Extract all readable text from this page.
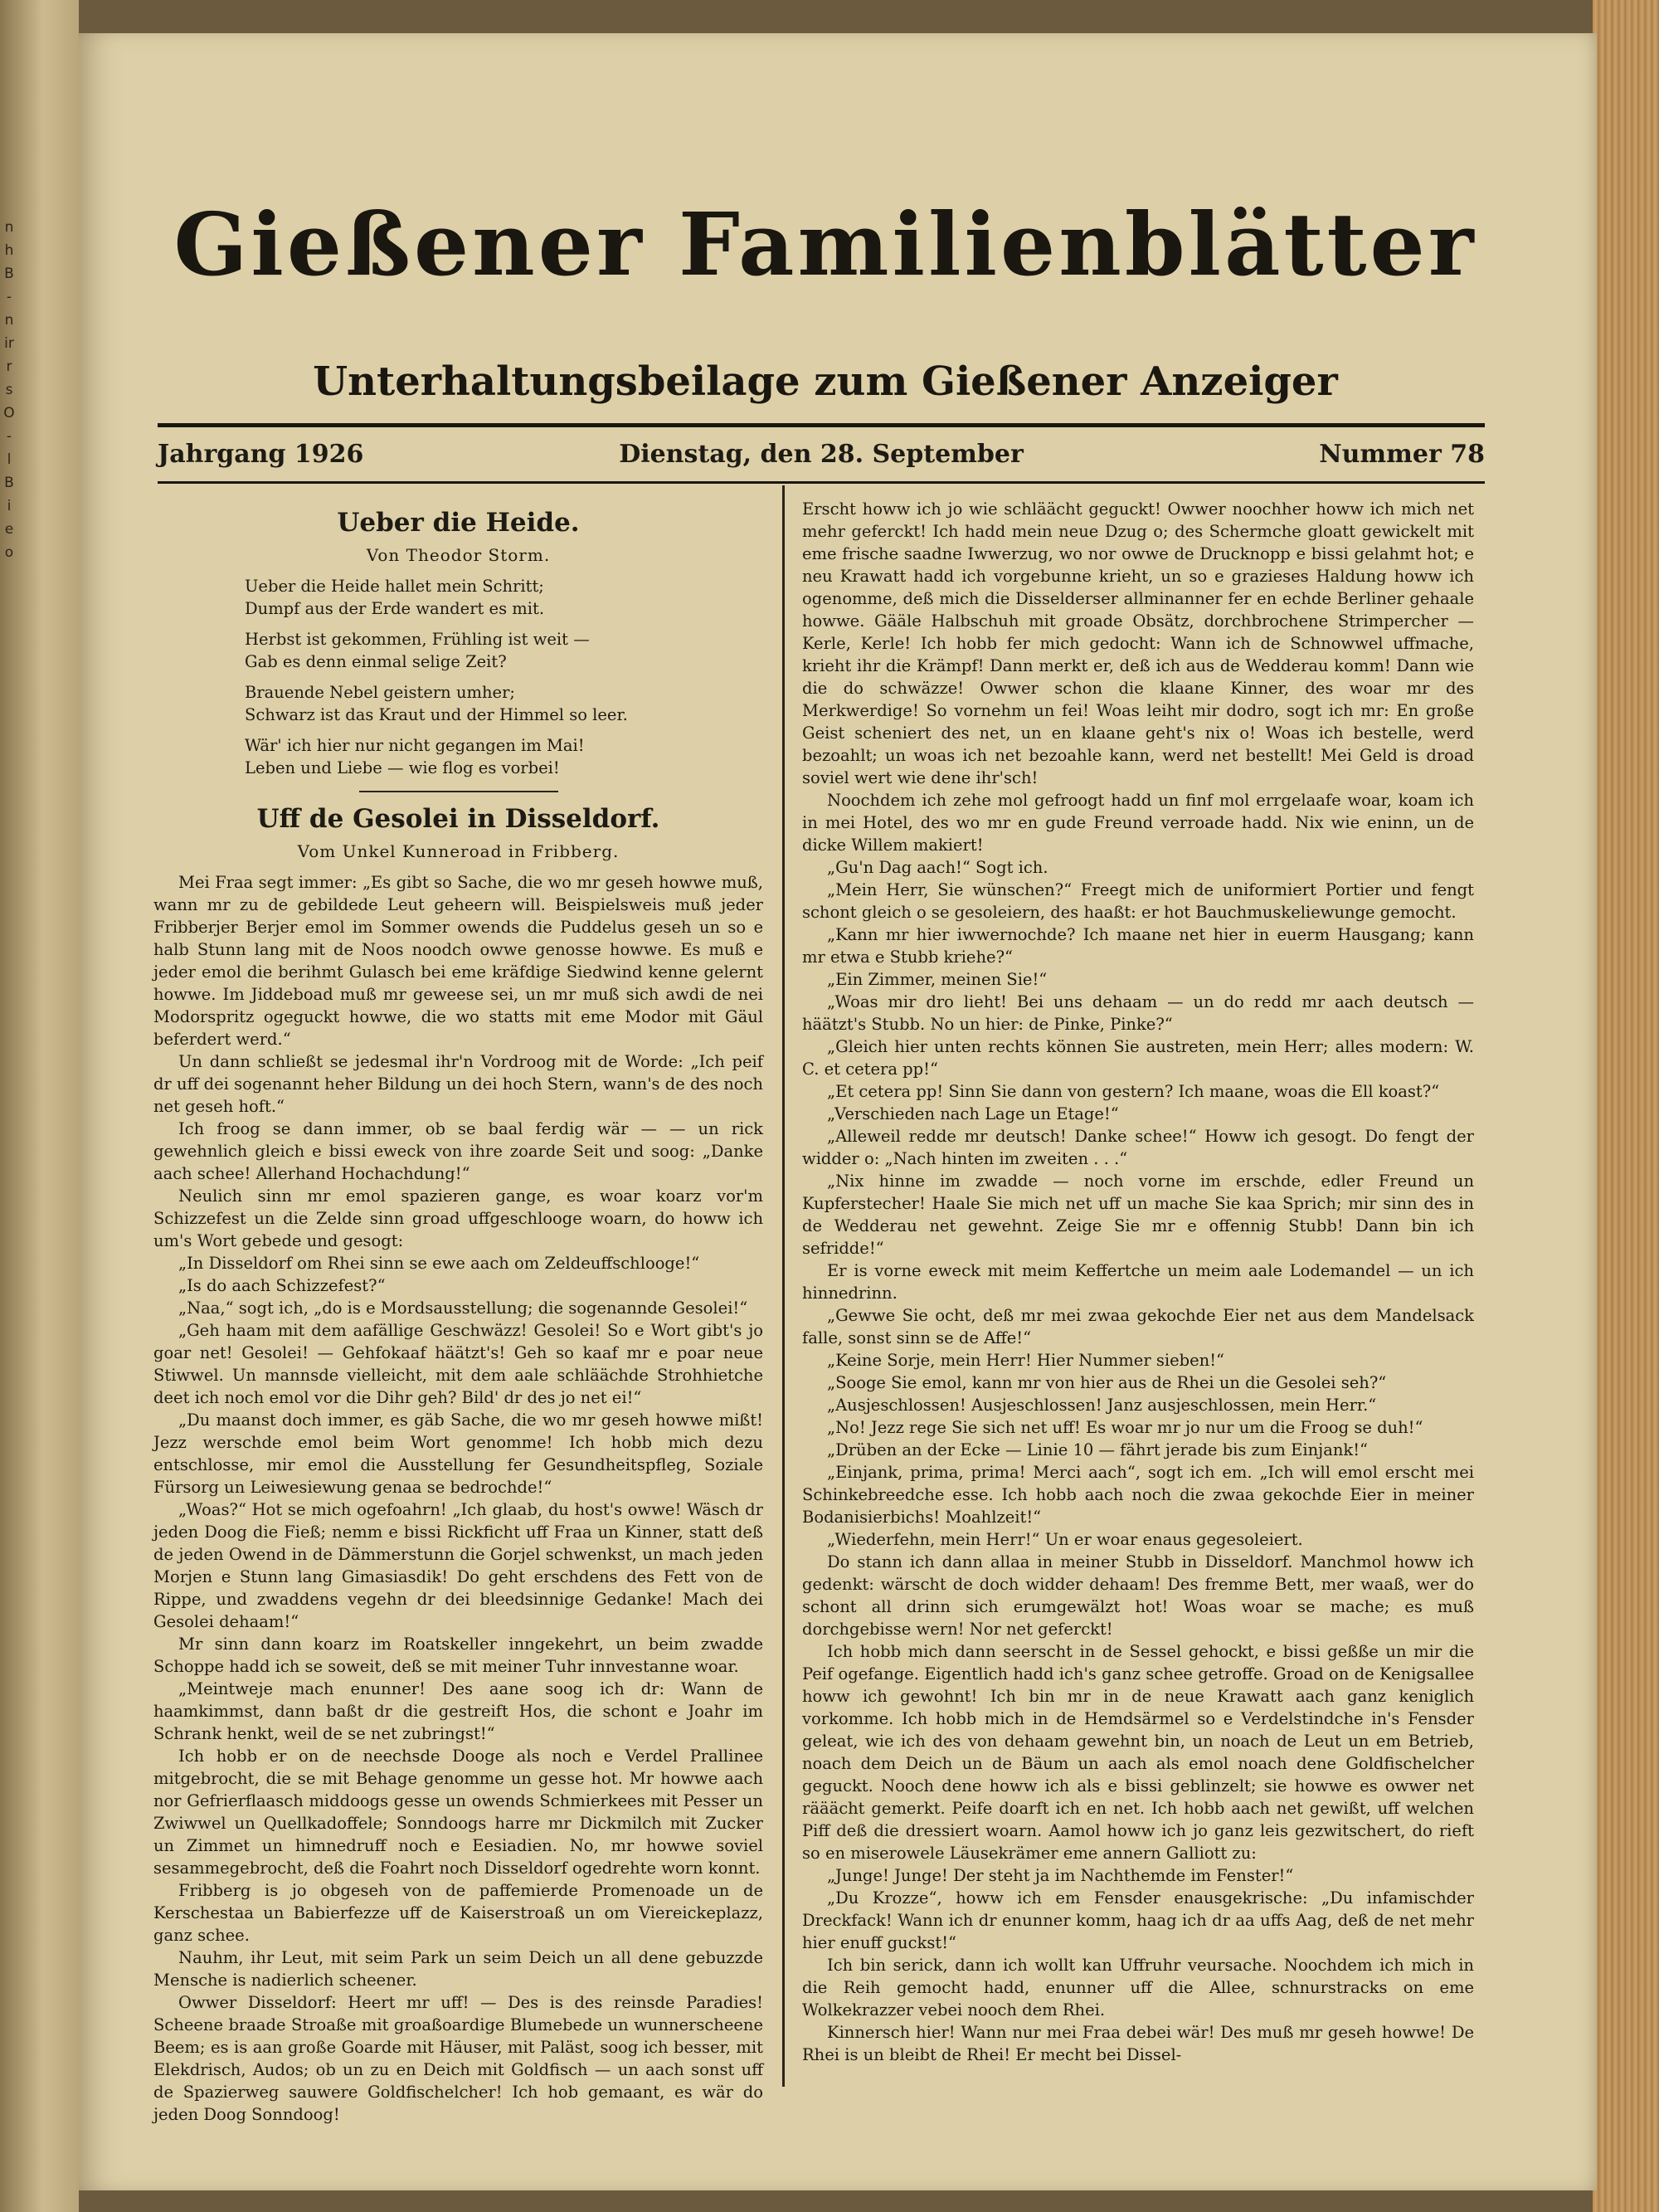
n
h
B
-
n
ir
r
s
O
-
l
B
i
e
o
Gießener Familienblätter
Unterhaltungsbeilage zum Gießener Anzeiger
Dienstag, den 28. September
Jahrgang 1926	Nummer 78
Ueber die Heide.
Von Theodor Storm.
Ueber die Heide hallet mein Schritt;
Dumpf aus der Erde wandert es mit.
Herbst ist gekommen, Frühling ist weit —
Gab es denn einmal selige Zeit?
Brauende Nebel geistern umher;
Schwarz ist das Kraut und der Himmel so leer.
Wär' ich hier nur nicht gegangen im Mai!
Leben und Liebe — wie flog es vorbei!
Uff de Gesolei in Disseldorf.
Vom Unkel Kunneroad in Fribberg.

Mei Fraa segt immer: „Es gibt so Sache, die wo mr geseh howwe muß, wann mr zu de gebildede Leut geheern will. Beispielsweis muß jeder Fribberjer Berjer emol im Sommer owends die Puddelus geseh un so e halb Stunn lang mit de Noos noodch owwe genosse howwe. Es muß e jeder emol die berihmt Gulasch bei eme kräfdige Siedwind kenne gelernt howwe. Im Jiddeboad muß mr geweese sei, un mr muß sich awdi de nei Modorspritz ogeguckt howwe, die wo statts mit eme Modor mit Gäul beferdert werd.“

Un dann schließt se jedesmal ihr'n Vordroog mit de Worde: „Ich peif dr uff dei sogenannt heher Bildung un dei hoch Stern, wann's de des noch net geseh hoft.“

Ich froog se dann immer, ob se baal ferdig wär — — un rick gewehnlich gleich e bissi eweck von ihre zoarde Seit und soog: „Danke aach schee! Allerhand Hochachdung!“

Neulich sinn mr emol spazieren gange, es woar koarz vor'm Schizzefest un die Zelde sinn groad uffgeschlooge woarn, do howw ich um's Wort gebede und gesogt:

„In Disseldorf om Rhei sinn se ewe aach om Zeldeuffschlooge!“

„Is do aach Schizzefest?“

„Naa,“ sogt ich, „do is e Mordsausstellung; die sogenannde Gesolei!“

„Geh haam mit dem aafällige Geschwäzz! Gesolei! So e Wort gibt's jo goar net! Gesolei! — Gehfokaaf häätzt's! Geh so kaaf mr e poar neue Stiwwel. Un mannsde vielleicht, mit dem aale schläächde Strohhietche deet ich noch emol vor die Dihr geh? Bild' dr des jo net ei!“

„Du maanst doch immer, es gäb Sache, die wo mr geseh howwe mißt! Jezz werschde emol beim Wort genomme! Ich hobb mich dezu entschlosse, mir emol die Ausstellung fer Gesundheitspfleg, Soziale Fürsorg un Leiwesiewung genaa se bedrochde!“

„Woas?“ Hot se mich ogefoahrn! „Ich glaab, du host's owwe! Wäsch dr jeden Doog die Fieß; nemm e bissi Rickficht uff Fraa un Kinner, statt deß de jeden Owend in de Dämmerstunn die Gorjel schwenkst, un mach jeden Morjen e Stunn lang Gimasiasdik! Do geht erschdens des Fett von de Rippe, und zwaddens vegehn dr dei bleedsinnige Gedanke! Mach dei Gesolei dehaam!“

Mr sinn dann koarz im Roatskeller inngekehrt, un beim zwadde Schoppe hadd ich se soweit, deß se mit meiner Tuhr innvestanne woar.

„Meintweje mach enunner! Des aane soog ich dr: Wann de haamkimmst, dann baßt dr die gestreift Hos, die schont e Joahr im Schrank henkt, weil de se net zubringst!“

Ich hobb er on de neechsde Dooge als noch e Verdel Prallinee mitgebrocht, die se mit Behage genomme un gesse hot. Mr howwe aach nor Gefrierflaasch middoogs gesse un owends Schmierkees mit Pesser un Zwiwwel un Quellkadoffele; Sonndoogs harre mr Dickmilch mit Zucker un Zimmet un himnedruff noch e Eesiadien. No, mr howwe soviel sesammegebrocht, deß die Foahrt noch Disseldorf ogedrehte worn konnt.

Fribberg is jo obgeseh von de paffemierde Promenoade un de Kerschestaa un Babierfezze uff de Kaiserstroaß un om Viereickeplazz, ganz schee.

Nauhm, ihr Leut, mit seim Park un seim Deich un all dene gebuzzde Mensche is nadierlich scheener.

Owwer Disseldorf: Heert mr uff! — Des is des reinsde Paradies! Scheene braade Stroaße mit groaßoardige Blumebede un wunnerscheene Beem; es is aan große Goarde mit Häuser, mit Paläst, soog ich besser, mit Elekdrisch, Audos; ob un zu en Deich mit Goldfisch — un aach sonst uff de Spazierweg sauwere Goldfischelcher! Ich hob gemaant, es wär do jeden Doog Sonndoog!

Erscht howw ich jo wie schläächt geguckt! Owwer noochher howw ich mich net mehr geferckt! Ich hadd mein neue Dzug o; des Schermche gloatt gewickelt mit eme frische saadne Iwwerzug, wo nor owwe de Drucknopp e bissi gelahmt hot; e neu Krawatt hadd ich vorgebunne krieht, un so e grazieses Haldung howw ich ogenomme, deß mich die Disselderser allminanner fer en echde Berliner gehaale howwe. Gääle Halbschuh mit groade Obsätz, dorchbrochene Strimpercher — Kerle, Kerle! Ich hobb fer mich gedocht: Wann ich de Schnowwel uffmache, krieht ihr die Krämpf! Dann merkt er, deß ich aus de Wedderau komm! Dann wie die do schwäzze! Owwer schon die klaane Kinner, des woar mr des Merkwerdige! So vornehm un fei! Woas leiht mir dodro, sogt ich mr: En große Geist scheniert des net, un en klaane geht's nix o! Woas ich bestelle, werd bezoahlt; un woas ich net bezoahle kann, werd net bestellt! Mei Geld is droad soviel wert wie dene ihr'sch!

Noochdem ich zehe mol gefroogt hadd un finf mol errgelaafe woar, koam ich in mei Hotel, des wo mr en gude Freund verroade hadd. Nix wie eninn, un de dicke Willem makiert!

„Gu'n Dag aach!“ Sogt ich.

„Mein Herr, Sie wünschen?“ Freegt mich de uniformiert Portier und fengt schont gleich o se gesoleiern, des haaßt: er hot Bauchmuskeliewunge gemocht.

„Kann mr hier iwwernochde? Ich maane net hier in euerm Hausgang; kann mr etwa e Stubb kriehe?“

„Ein Zimmer, meinen Sie!“

„Woas mir dro lieht! Bei uns dehaam — un do redd mr aach deutsch — häätzt's Stubb. No un hier: de Pinke, Pinke?“

„Gleich hier unten rechts können Sie austreten, mein Herr; alles modern: W. C. et cetera pp!“

„Et cetera pp! Sinn Sie dann von gestern? Ich maane, woas die Ell koast?“

„Verschieden nach Lage un Etage!“

„Alleweil redde mr deutsch! Danke schee!“ Howw ich gesogt. Do fengt der widder o: „Nach hinten im zweiten . . .“

„Nix hinne im zwadde — noch vorne im erschde, edler Freund un Kupferstecher! Haale Sie mich net uff un mache Sie kaa Sprich; mir sinn des in de Wedderau net gewehnt. Zeige Sie mr e offennig Stubb! Dann bin ich sefridde!“

Er is vorne eweck mit meim Keffertche un meim aale Lodemandel — un ich hinnedrinn.

„Gewwe Sie ocht, deß mr mei zwaa gekochde Eier net aus dem Mandelsack falle, sonst sinn se de Affe!“

„Keine Sorje, mein Herr! Hier Nummer sieben!“

„Sooge Sie emol, kann mr von hier aus de Rhei un die Gesolei seh?“

„Ausjeschlossen! Ausjeschlossen! Janz ausjeschlossen, mein Herr.“

„No! Jezz rege Sie sich net uff! Es woar mr jo nur um die Froog se duh!“

„Drüben an der Ecke — Linie 10 — fährt jerade bis zum Einjank!“

„Einjank, prima, prima! Merci aach“, sogt ich em. „Ich will emol erscht mei Schinkebreedche esse. Ich hobb aach noch die zwaa gekochde Eier in meiner Bodanisierbichs! Moahlzeit!“

„Wiederfehn, mein Herr!“ Un er woar enaus gegesoleiert.

Do stann ich dann allaa in meiner Stubb in Disseldorf. Manchmol howw ich gedenkt: wärscht de doch widder dehaam! Des fremme Bett, mer waaß, wer do schont all drinn sich erumgewälzt hot! Woas woar se mache; es muß dorchgebisse wern! Nor net geferckt!

Ich hobb mich dann seerscht in de Sessel gehockt, e bissi geßße un mir die Peif ogefange. Eigentlich hadd ich's ganz schee getroffe. Groad on de Kenigsallee howw ich gewohnt! Ich bin mr in de neue Krawatt aach ganz keniglich vorkomme. Ich hobb mich in de Hemdsärmel so e Verdelstindche in's Fensder geleat, wie ich des von dehaam gewehnt bin, un noach de Leut un em Betrieb, noach dem Deich un de Bäum un aach als emol noach dene Goldfischelcher geguckt. Nooch dene howw ich als e bissi geblinzelt; sie howwe es owwer net rääächt gemerkt. Peife doarft ich en net. Ich hobb aach net gewißt, uff welchen Piff deß die dressiert woarn. Aamol howw ich jo ganz leis gezwitschert, do rieft so en miserowele Läusekrämer eme annern Galliott zu:

„Junge! Junge! Der steht ja im Nachthemde im Fenster!“

„Du Krozze“, howw ich em Fensder enausgekrische: „Du infamischder Dreckfack! Wann ich dr enunner komm, haag ich dr aa uffs Aag, deß de net mehr hier enuff guckst!“

Ich bin serick, dann ich wollt kan Uffruhr veursache. Noochdem ich mich in die Reih gemocht hadd, enunner uff die Allee, schnurstracks on eme Wolkekrazzer vebei nooch dem Rhei.

Kinnersch hier! Wann nur mei Fraa debei wär! Des muß mr geseh howwe! De Rhei is un bleibt de Rhei! Er mecht bei Dissel-
